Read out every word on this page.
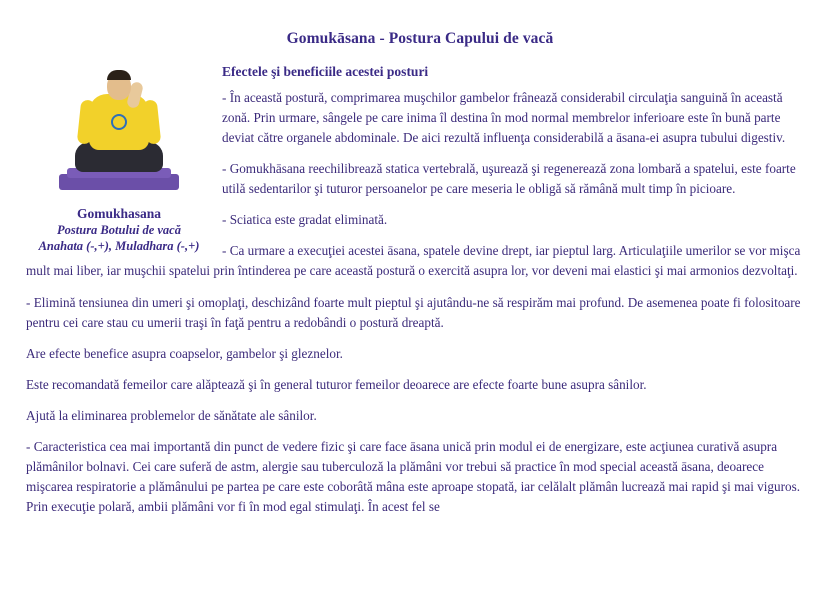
Gomukāsana - Postura Capului de vacă
Gomukhasana
Postura Botului de vacă
Anahata (-,+), Muladhara (-,+)
Efectele şi beneficiile acestei posturi

- În această postură, comprimarea muşchilor gambelor frânează considerabil circulaţia sanguină în această zonă. Prin urmare, sângele pe care inima îl destina în mod normal membrelor inferioare este în bună parte deviat către organele abdominale. De aici rezultă influenţa considerabilă a āsana-ei asupra tubului digestiv.

- Gomukhāsana reechilibrează statica vertebrală, uşurează şi regenerează zona lombară a spatelui, este foarte utilă sedentarilor şi tuturor persoanelor pe care meseria le obligă să rămână mult timp în picioare.

- Sciatica este gradat eliminată.

- Ca urmare a execuţiei acestei āsana, spatele devine drept, iar pieptul larg. Articulaţiile umerilor se vor mişca mult mai liber, iar muşchii spatelui prin întinderea pe care această postură o exercită asupra lor, vor deveni mai elastici şi mai armonios dezvoltaţi.

- Elimină tensiunea din umeri şi omoplaţi, deschizând foarte mult pieptul şi ajutându-ne să respirăm mai profund. De asemenea poate fi folositoare pentru cei care stau cu umerii traşi în faţă pentru a redobândi o postură dreaptă.

Are efecte benefice asupra coapselor, gambelor şi gleznelor.

Este recomandată femeilor care alăptează şi în general tuturor femeilor deoarece are efecte foarte bune asupra sânilor.

Ajută la eliminarea problemelor de sănătate ale sânilor.

- Caracteristica cea mai importantă din punct de vedere fizic şi care face āsana unică prin modul ei de energizare, este acţiunea curativă asupra plămânilor bolnavi. Cei care suferă de astm, alergie sau tuberculoză la plămâni vor trebui să practice în mod special această āsana, deoarece mişcarea respiratorie a plămânului pe partea pe care este coborâtă mâna este aproape stopată, iar celălalt plămân lucrează mai rapid şi mai viguros. Prin execuţie polară, ambii plămâni vor fi în mod egal stimulaţi. În acest fel se
